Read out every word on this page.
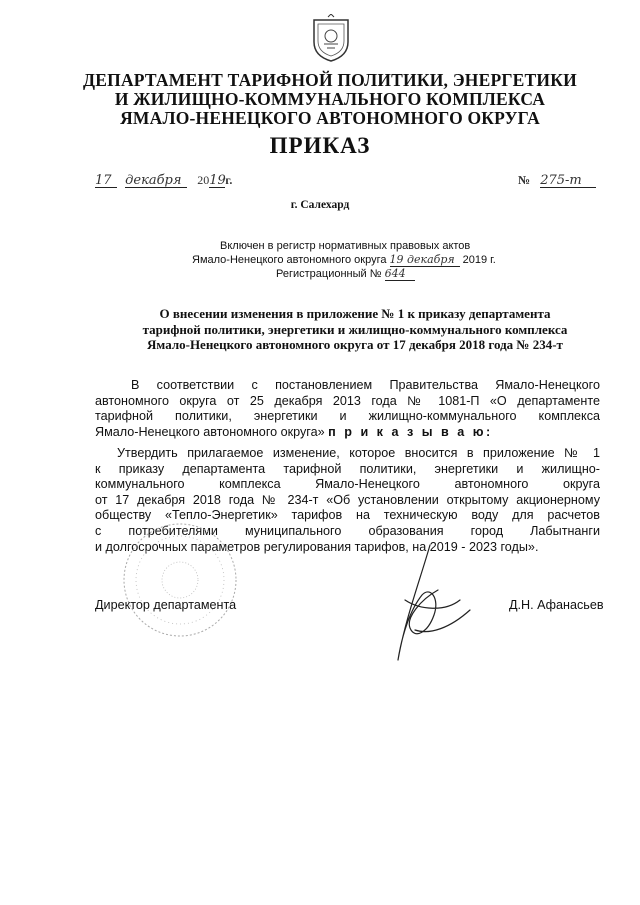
ДЕПАРТАМЕНТ ТАРИФНОЙ ПОЛИТИКИ, ЭНЕРГЕТИКИ
И ЖИЛИЩНО-КОММУНАЛЬНОГО КОМПЛЕКСА
ЯМАЛО-НЕНЕЦКОГО АВТОНОМНОГО ОКРУГА
ПРИКАЗ
17 декабря 2019г.	№ 275-т
г. Салехард
Включен в регистр нормативных правовых актов
Ямало-Ненецкого автономного округа 19 декабря 2019 г.
Регистрационный № 644
О внесении изменения в приложение № 1 к приказу департамента
тарифной политики, энергетики и жилищно-коммунального комплекса
Ямало-Ненецкого автономного округа от 17 декабря 2018 года № 234-т
В соответствии с постановлением Правительства Ямало-Ненецкого
автономного округа от 25 декабря 2013 года № 1081-П «О департаменте
тарифной политики, энергетики и жилищно-коммунального комплекса
Ямало-Ненецкого автономного округа» п р и к а з ы в а ю:
Утвердить прилагаемое изменение, которое вносится в приложение № 1
к приказу департамента тарифной политики, энергетики и жилищно-
коммунального комплекса Ямало-Ненецкого автономного округа
от 17 декабря 2018 года № 234-т «Об установлении открытому акционерному
обществу «Тепло-Энергетик» тарифов на техническую воду для расчетов
с потребителями муниципального образования город Лабытнанги
и долгосрочных параметров регулирования тарифов, на 2019 - 2023 годы».
Директор департамента	Д.Н. Афанасьев
